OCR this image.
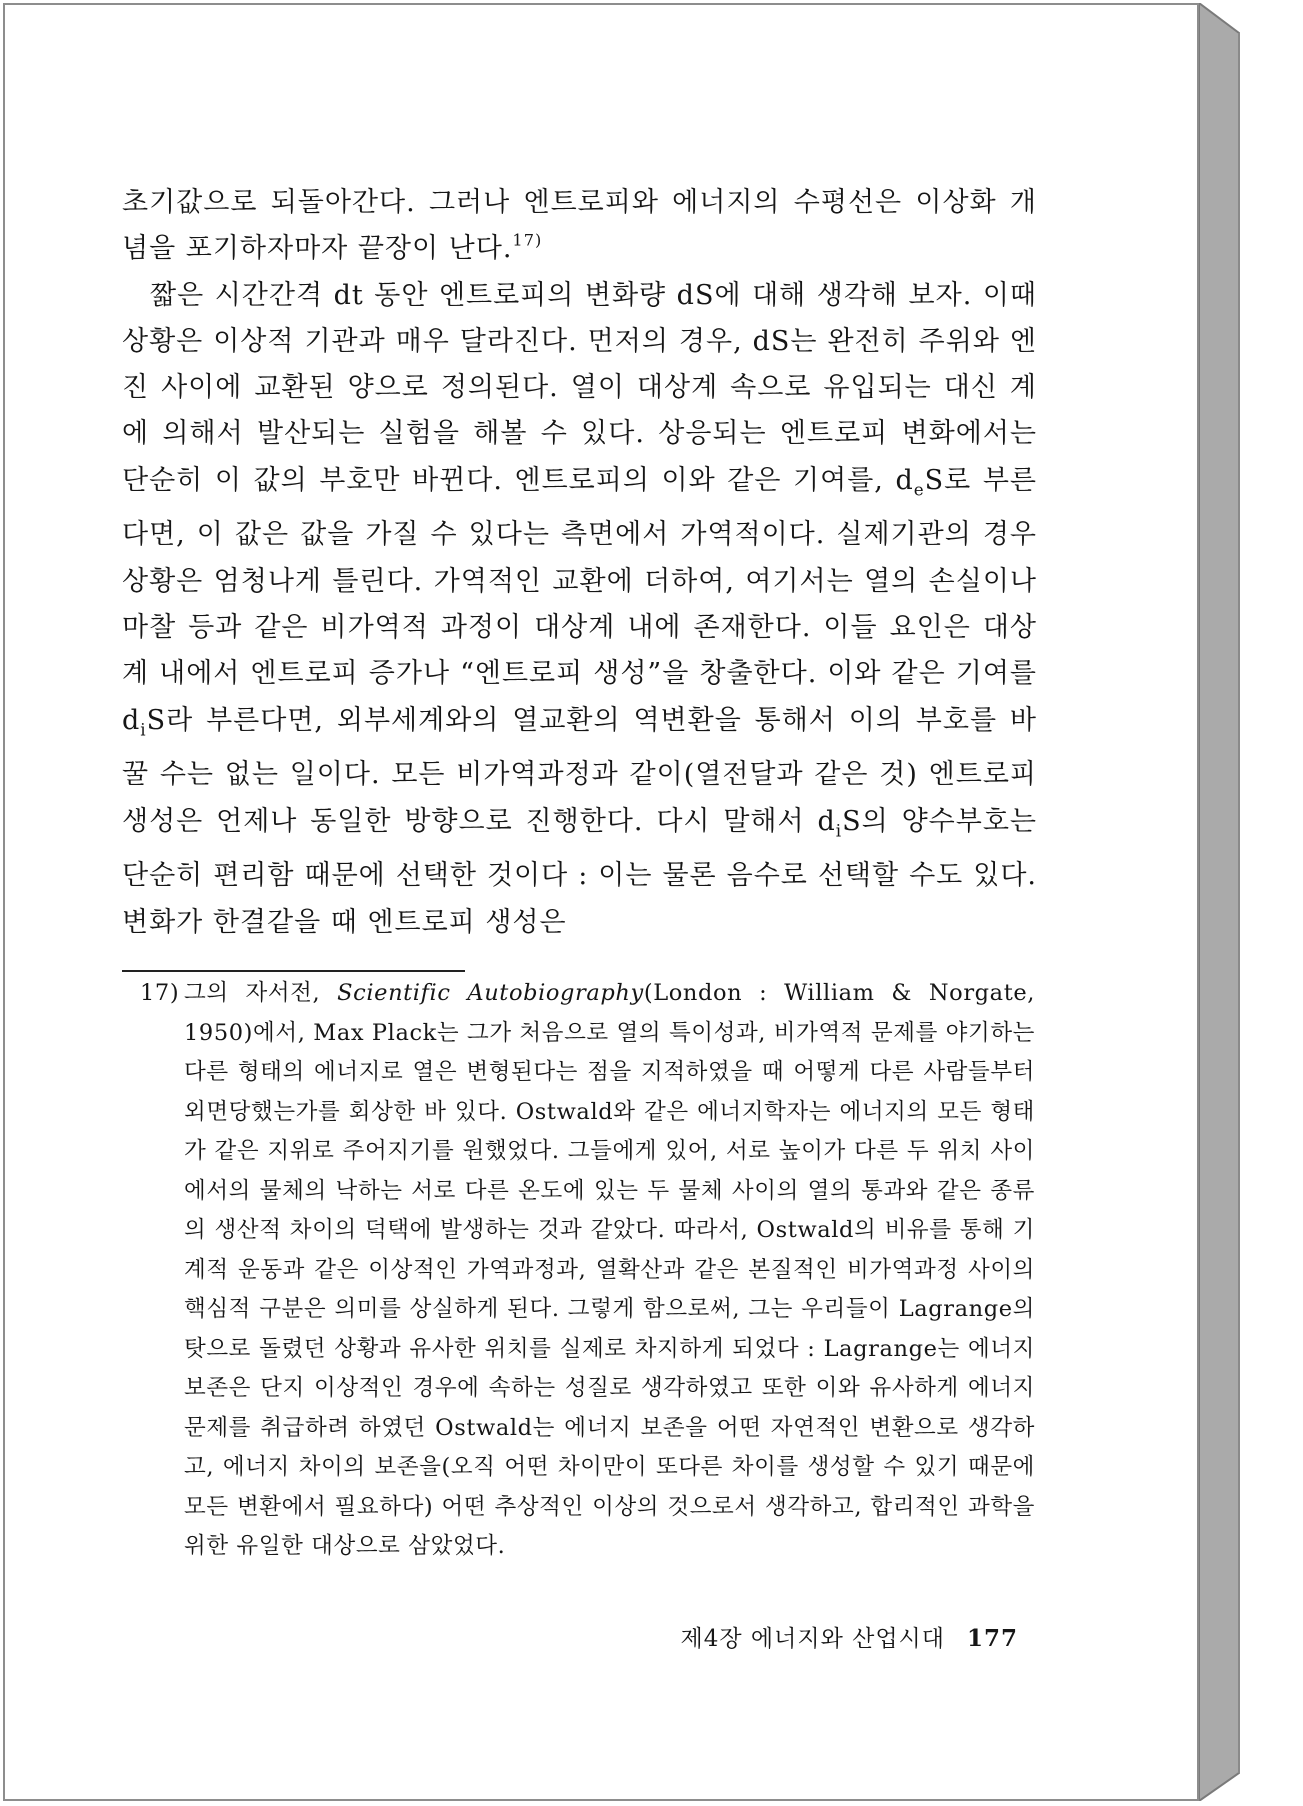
초기값으로 되돌아간다. 그러나 엔트로피와 에너지의 수평선은 이상화 개념을 포기하자마자 끝장이 난다.$^{17)}$

짧은 시간간격 dt 동안 엔트로피의 변화량 dS에 대해 생각해 보자. 이때 상황은 이상적 기관과 매우 달라진다. 먼저의 경우, dS는 완전히 주위와 엔진 사이에 교환된 양으로 정의된다. 열이 대상계 속으로 유입되는 대신 계에 의해서 발산되는 실험을 해볼 수 있다. 상응되는 엔트로피 변화에서는 단순히 이 값의 부호만 바뀐다. 엔트로피의 이와 같은 기여를, $d_eS$로 부른다면, 이 값은 값을 가질 수 있다는 측면에서 가역적이다. 실제기관의 경우 상황은 엄청나게 틀린다. 가역적인 교환에 더하여, 여기서는 열의 손실이나 마찰 등과 같은 비가역적 과정이 대상계 내에 존재한다. 이들 요인은 대상계 내에서 엔트로피 증가나 “엔트로피 생성”을 창출한다. 이와 같은 기여를 $d_iS$라 부른다면, 외부세계와의 열교환의 역변환을 통해서 이의 부호를 바꿀 수는 없는 일이다. 모든 비가역과정과 같이(열전달과 같은 것) 엔트로피 생성은 언제나 동일한 방향으로 진행한다. 다시 말해서 $d_iS$의 양수부호는 단순히 편리함 때문에 선택한 것이다 : 이는 물론 음수로 선택할 수도 있다. 변화가 한결같을 때 엔트로피 생성은

17) 그의 자서전, Scientific Autobiography(London : William & Norgate, 1950)에서, Max Plack는 그가 처음으로 열의 특이성과, 비가역적 문제를 야기하는 다른 형태의 에너지로 열은 변형된다는 점을 지적하였을 때 어떻게 다른 사람들부터 외면당했는가를 회상한 바 있다. Ostwald와 같은 에너지학자는 에너지의 모든 형태가 같은 지위로 주어지기를 원했었다. 그들에게 있어, 서로 높이가 다른 두 위치 사이에서의 물체의 낙하는 서로 다른 온도에 있는 두 물체 사이의 열의 통과와 같은 종류의 생산적 차이의 덕택에 발생하는 것과 같았다. 따라서, Ostwald의 비유를 통해 기계적 운동과 같은 이상적인 가역과정과, 열확산과 같은 본질적인 비가역과정 사이의 핵심적 구분은 의미를 상실하게 된다. 그렇게 함으로써, 그는 우리들이 Lagrange의 탓으로 돌렸던 상황과 유사한 위치를 실제로 차지하게 되었다 : Lagrange는 에너지 보존은 단지 이상적인 경우에 속하는 성질로 생각하였고 또한 이와 유사하게 에너지 문제를 취급하려 하였던 Ostwald는 에너지 보존을 어떤 자연적인 변환으로 생각하고, 에너지 차이의 보존을(오직 어떤 차이만이 또다른 차이를 생성할 수 있기 때문에 모든 변환에서 필요하다) 어떤 추상적인 이상의 것으로서 생각하고, 합리적인 과학을 위한 유일한 대상으로 삼았었다.
제4장 에너지와 산업시대 177
